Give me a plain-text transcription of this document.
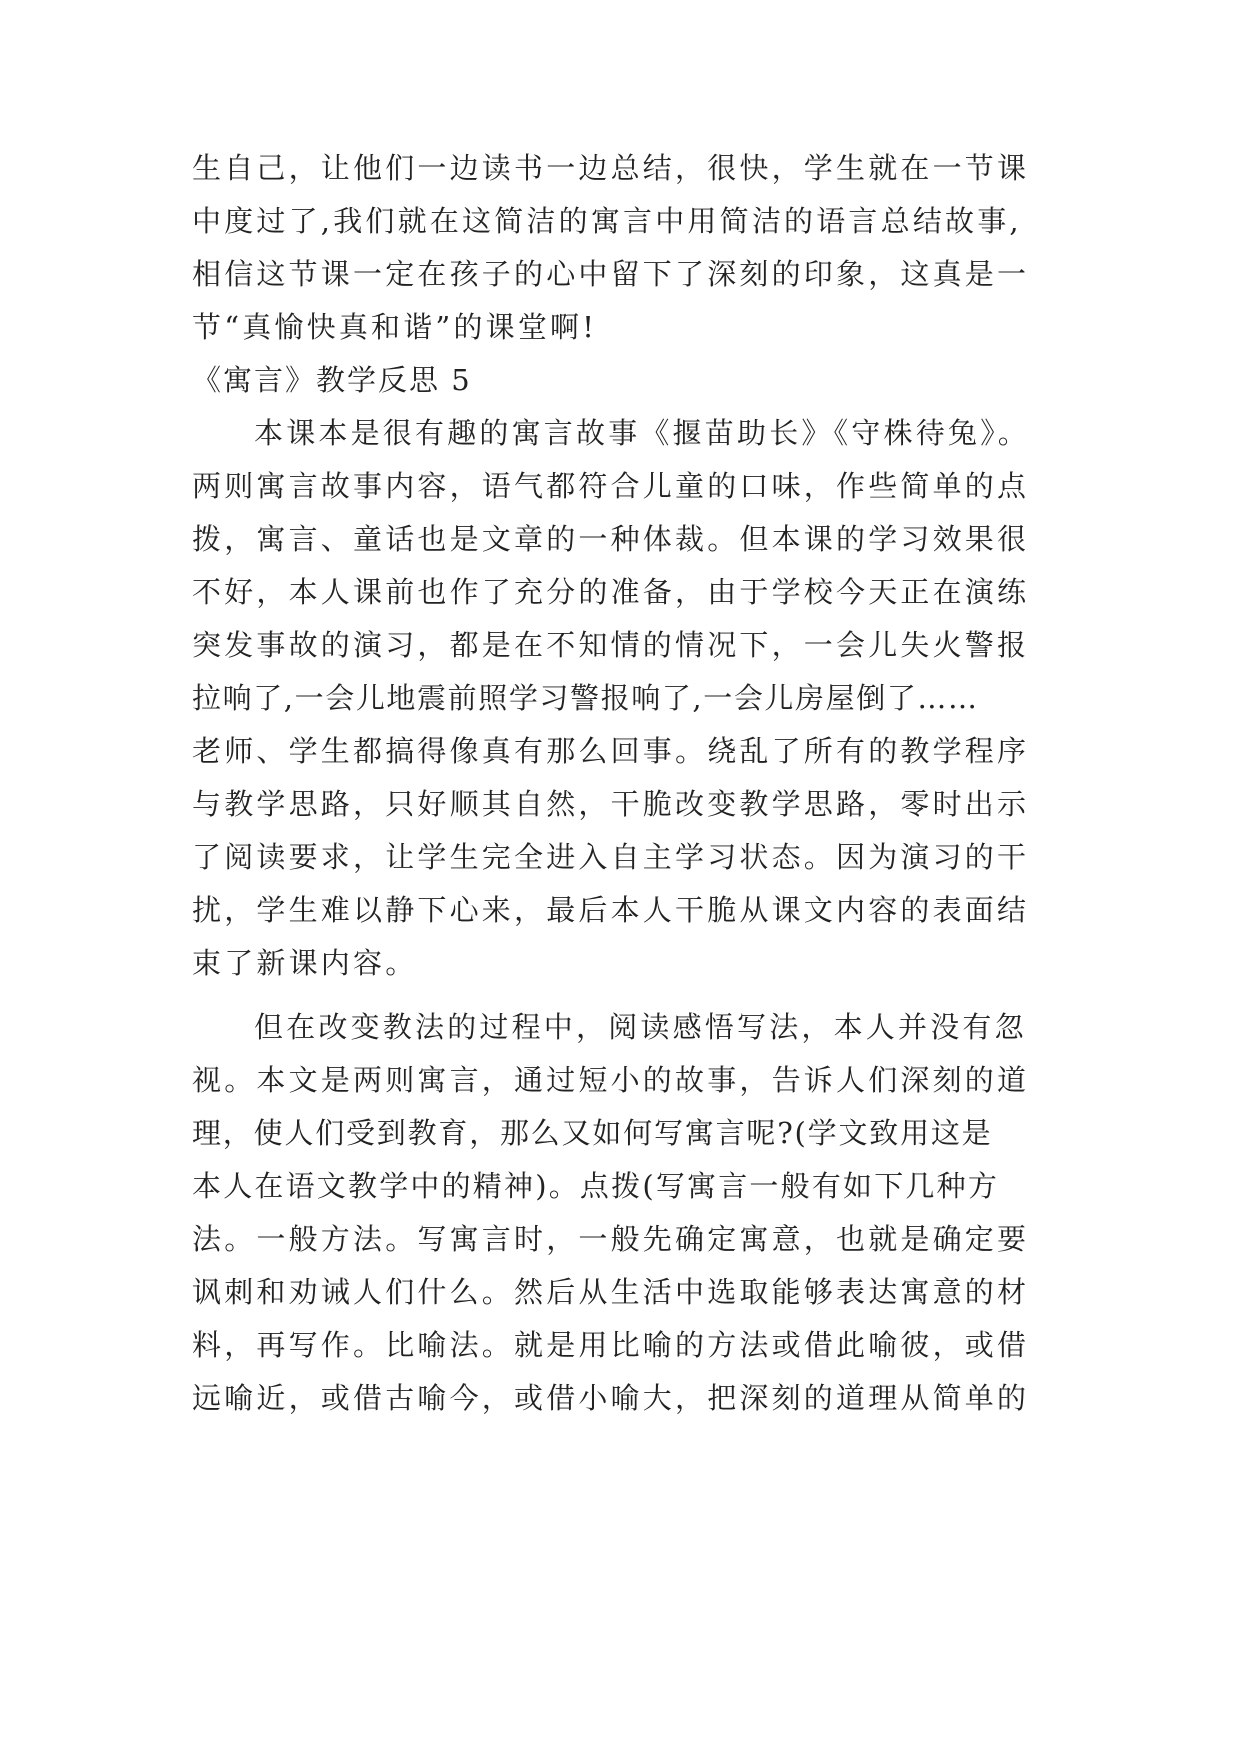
生自己，让他们一边读书一边总结，很快，学生就在一节课
中度过了,我们就在这简洁的寓言中用简洁的语言总结故事,
相信这节课一定在孩子的心中留下了深刻的印象，这真是一
节“真愉快真和谐”的课堂啊!
《寓言》教学反思 5
本课本是很有趣的寓言故事《揠苗助长》《守株待兔》。
两则寓言故事内容，语气都符合儿童的口味，作些简单的点
拨，寓言、童话也是文章的一种体裁。但本课的学习效果很
不好，本人课前也作了充分的准备，由于学校今天正在演练
突发事故的演习，都是在不知情的情况下，一会儿失火警报
拉响了,一会儿地震前照学习警报响了,一会儿房屋倒了……
老师、学生都搞得像真有那么回事。绕乱了所有的教学程序
与教学思路，只好顺其自然，干脆改变教学思路，零时出示
了阅读要求，让学生完全进入自主学习状态。因为演习的干
扰，学生难以静下心来，最后本人干脆从课文内容的表面结
束了新课内容。
但在改变教法的过程中，阅读感悟写法，本人并没有忽
视。本文是两则寓言，通过短小的故事，告诉人们深刻的道
理，使人们受到教育，那么又如何写寓言呢?(学文致用这是
本人在语文教学中的精神)。点拨(写寓言一般有如下几种方
法。一般方法。写寓言时，一般先确定寓意，也就是确定要
讽刺和劝诫人们什么。然后从生活中选取能够表达寓意的材
料，再写作。比喻法。就是用比喻的方法或借此喻彼，或借
远喻近，或借古喻今，或借小喻大，把深刻的道理从简单的
